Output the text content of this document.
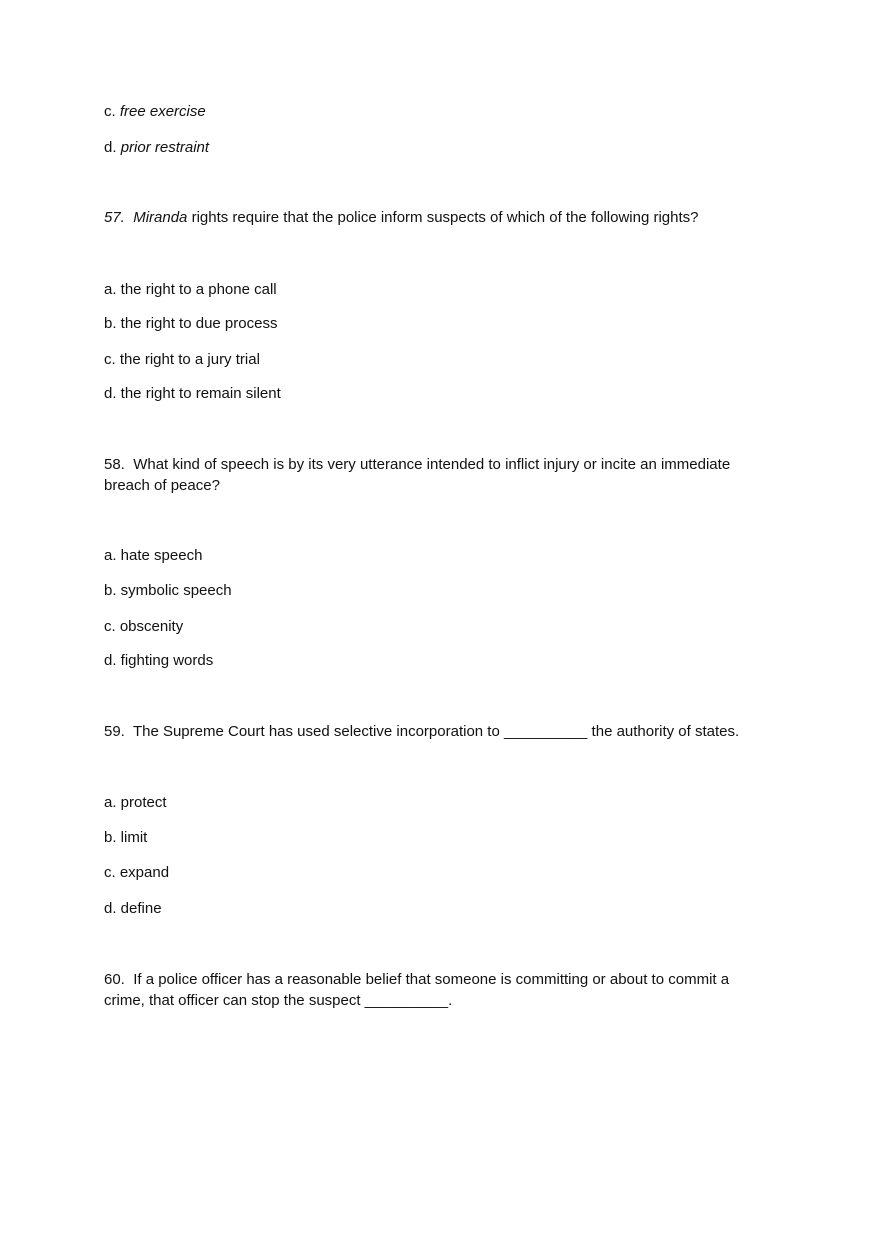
c. free exercise
d. prior restraint
57. Miranda rights require that the police inform suspects of which of the following rights?
a. the right to a phone call
b. the right to due process
c. the right to a jury trial
d. the right to remain silent
58. What kind of speech is by its very utterance intended to inflict injury or incite an immediate breach of peace?
a. hate speech
b. symbolic speech
c. obscenity
d. fighting words
59. The Supreme Court has used selective incorporation to __________ the authority of states.
a. protect
b. limit
c. expand
d. define
60. If a police officer has a reasonable belief that someone is committing or about to commit a crime, that officer can stop the suspect __________.
